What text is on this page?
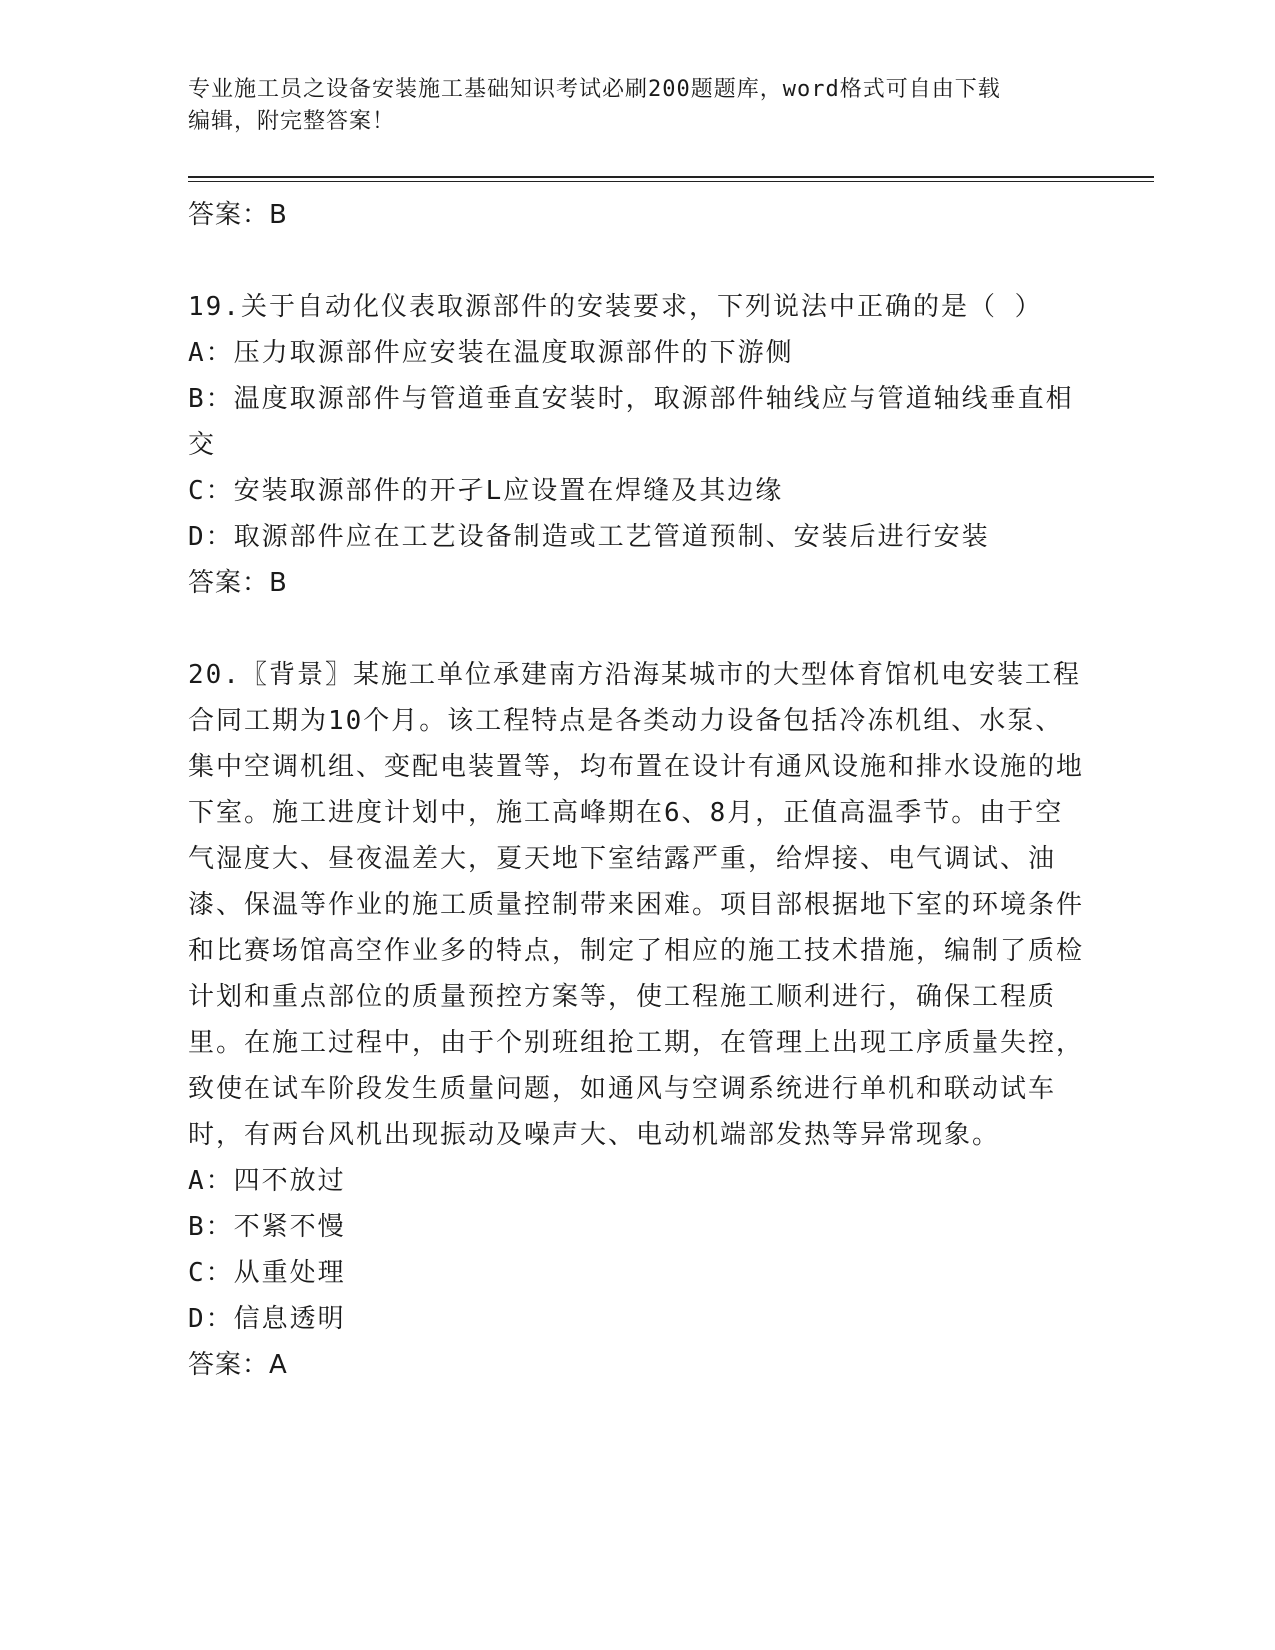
专业施工员之设备安装施工基础知识考试必刷200题题库，word格式可自由下载
编辑，附完整答案！
答案：B
19.关于自动化仪表取源部件的安装要求，下列说法中正确的是（ ）
A：压力取源部件应安装在温度取源部件的下游侧
B：温度取源部件与管道垂直安装时，取源部件轴线应与管道轴线垂直相交
C：安装取源部件的开孑L应设置在焊缝及其边缘
D：取源部件应在工艺设备制造或工艺管道预制、安装后进行安装
答案：B
20.〖背景〗某施工单位承建南方沿海某城市的大型体育馆机电安装工程合同工期为10个月。该工程特点是各类动力设备包括冷冻机组、水泵、集中空调机组、变配电装置等，均布置在设计有通风设施和排水设施的地下室。施工进度计划中，施工高峰期在6、8月，正值高温季节。由于空气湿度大、昼夜温差大，夏天地下室结露严重，给焊接、电气调试、油漆、保温等作业的施工质量控制带来困难。项目部根据地下室的环境条件和比赛场馆高空作业多的特点，制定了相应的施工技术措施，编制了质检计划和重点部位的质量预控方案等，使工程施工顺利进行，确保工程质里。在施工过程中，由于个别班组抢工期，在管理上出现工序质量失控，致使在试车阶段发生质量问题，如通风与空调系统进行单机和联动试车时，有两台风机出现振动及噪声大、电动机端部发热等异常现象。
A：四不放过
B：不紧不慢
C：从重处理
D：信息透明
答案：A
